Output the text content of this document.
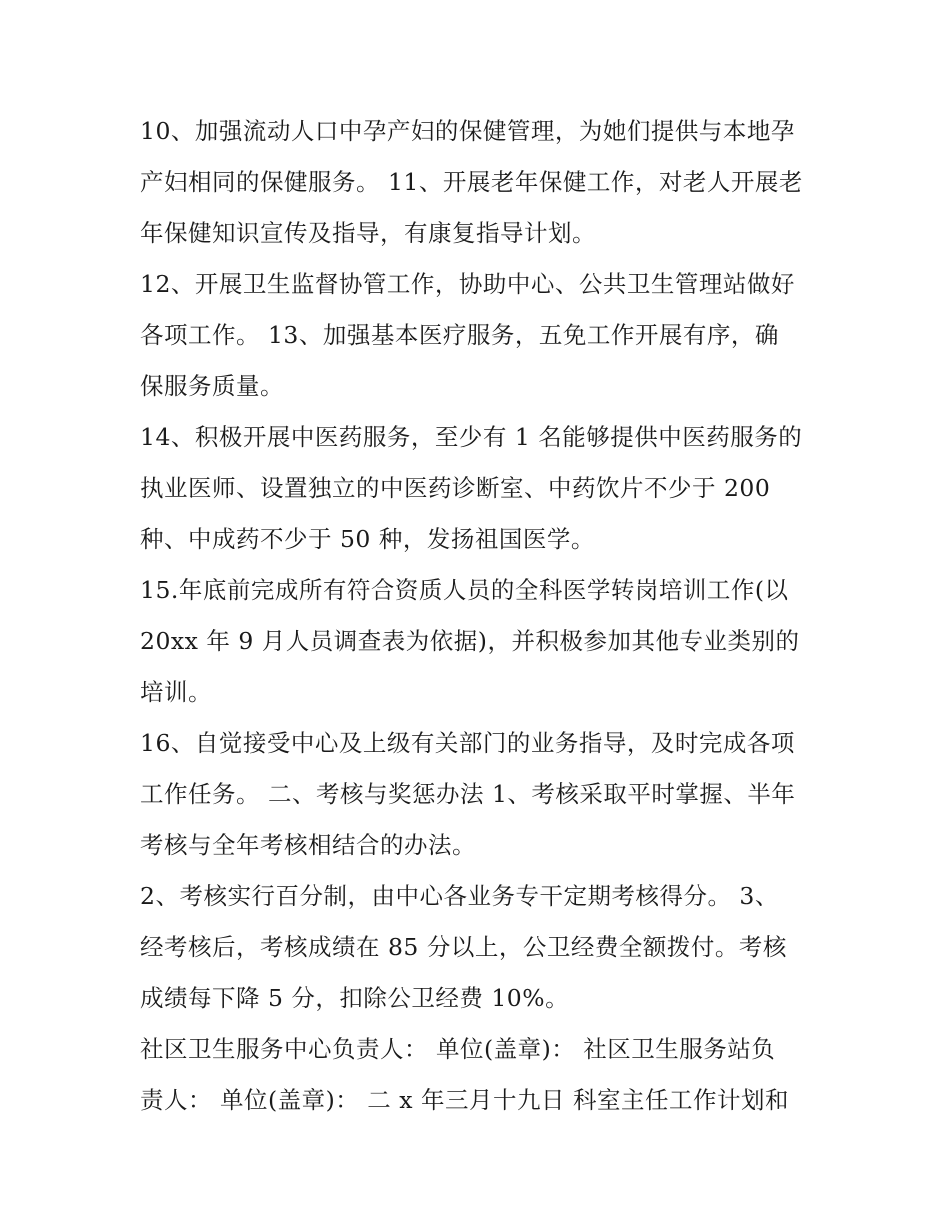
10、加强流动人口中孕产妇的保健管理，为她们提供与本地孕
产妇相同的保健服务。 11、开展老年保健工作，对老人开展老
年保健知识宣传及指导，有康复指导计划。
12、开展卫生监督协管工作，协助中心、公共卫生管理站做好
各项工作。 13、加强基本医疗服务，五免工作开展有序，确
保服务质量。
14、积极开展中医药服务，至少有 1 名能够提供中医药服务的
执业医师、设置独立的中医药诊断室、中药饮片不少于 200
种、中成药不少于 50 种，发扬祖国医学。
15.年底前完成所有符合资质人员的全科医学转岗培训工作(以
20xx 年 9 月人员调查表为依据)，并积极参加其他专业类别的
培训。
16、自觉接受中心及上级有关部门的业务指导，及时完成各项
工作任务。 二、考核与奖惩办法 1、考核采取平时掌握、半年
考核与全年考核相结合的办法。
2、考核实行百分制，由中心各业务专干定期考核得分。 3、
经考核后，考核成绩在 85 分以上，公卫经费全额拨付。考核
成绩每下降 5 分，扣除公卫经费 10%。
社区卫生服务中心负责人： 单位(盖章)： 社区卫生服务站负
责人： 单位(盖章)： 二 x 年三月十九日 科室主任工作计划和
